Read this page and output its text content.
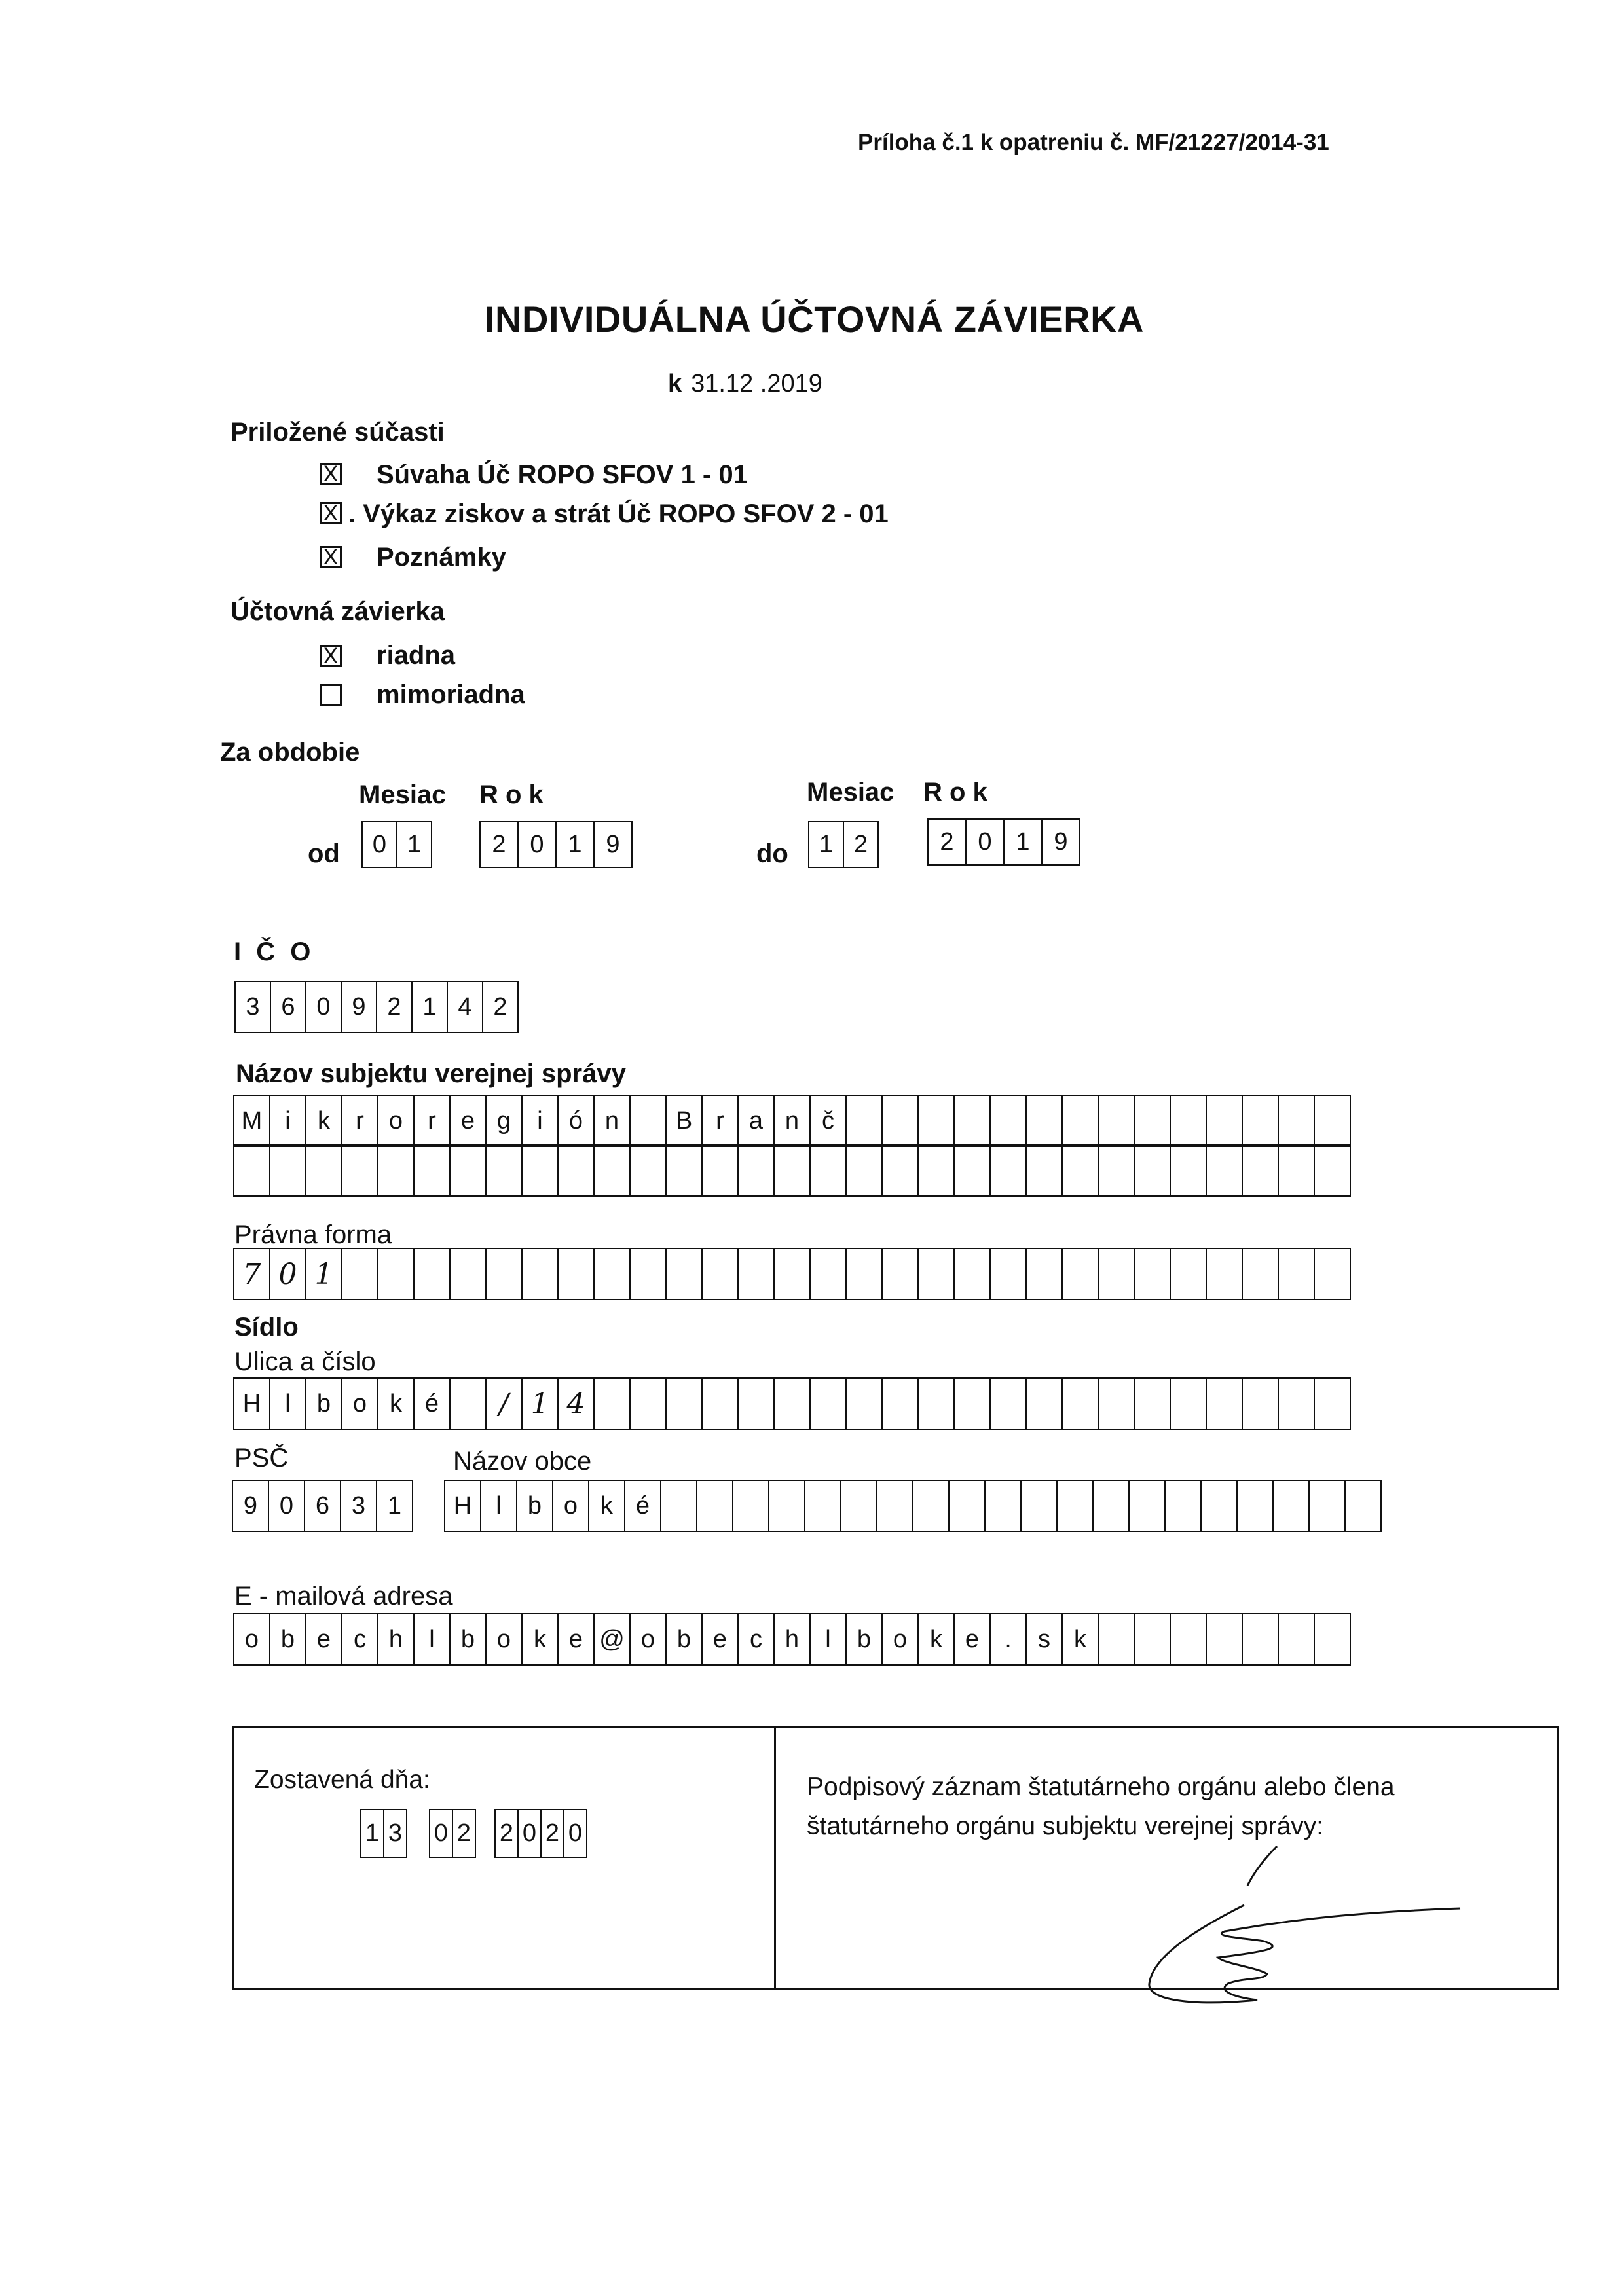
Príloha č.1 k opatreniu č. MF/21227/2014-31
INDIVIDUÁLNA ÚČTOVNÁ ZÁVIERKA
k 31.12 .2019
Priložené súčasti
X Súvaha Úč ROPO SFOV 1 - 01
X . Výkaz ziskov a strát Úč ROPO SFOV 2 - 01
X Poznámky
Účtovná závierka
X riadna
mimoriadna
Za obdobie
Mesiac R o k	Mesiac R o k
od	0 1	2 0 1 9	do	1 2	2 0 1 9
I Č O
3 6 0 9 2 1 4 2
Názov subjektu verejnej správy
M i	k	r	o	r	e g	i	ó n	B r	a n č
Právna forma
7 0 1
Sídlo
Ulica a číslo
H l	b o k é	/ 1 4
PSČ	Názov obce
9 0 6 3 1	H l	b o k é
E - mailová adresa
o b e c h	l	b o k e @ o b e c h	l	b o k e	.	s k
Zostavená dňa:
1 3 0 2 2 0 2 0
Podpisový záznam štatutárneho orgánu alebo člena
štatutárneho orgánu subjektu verejnej správy:
